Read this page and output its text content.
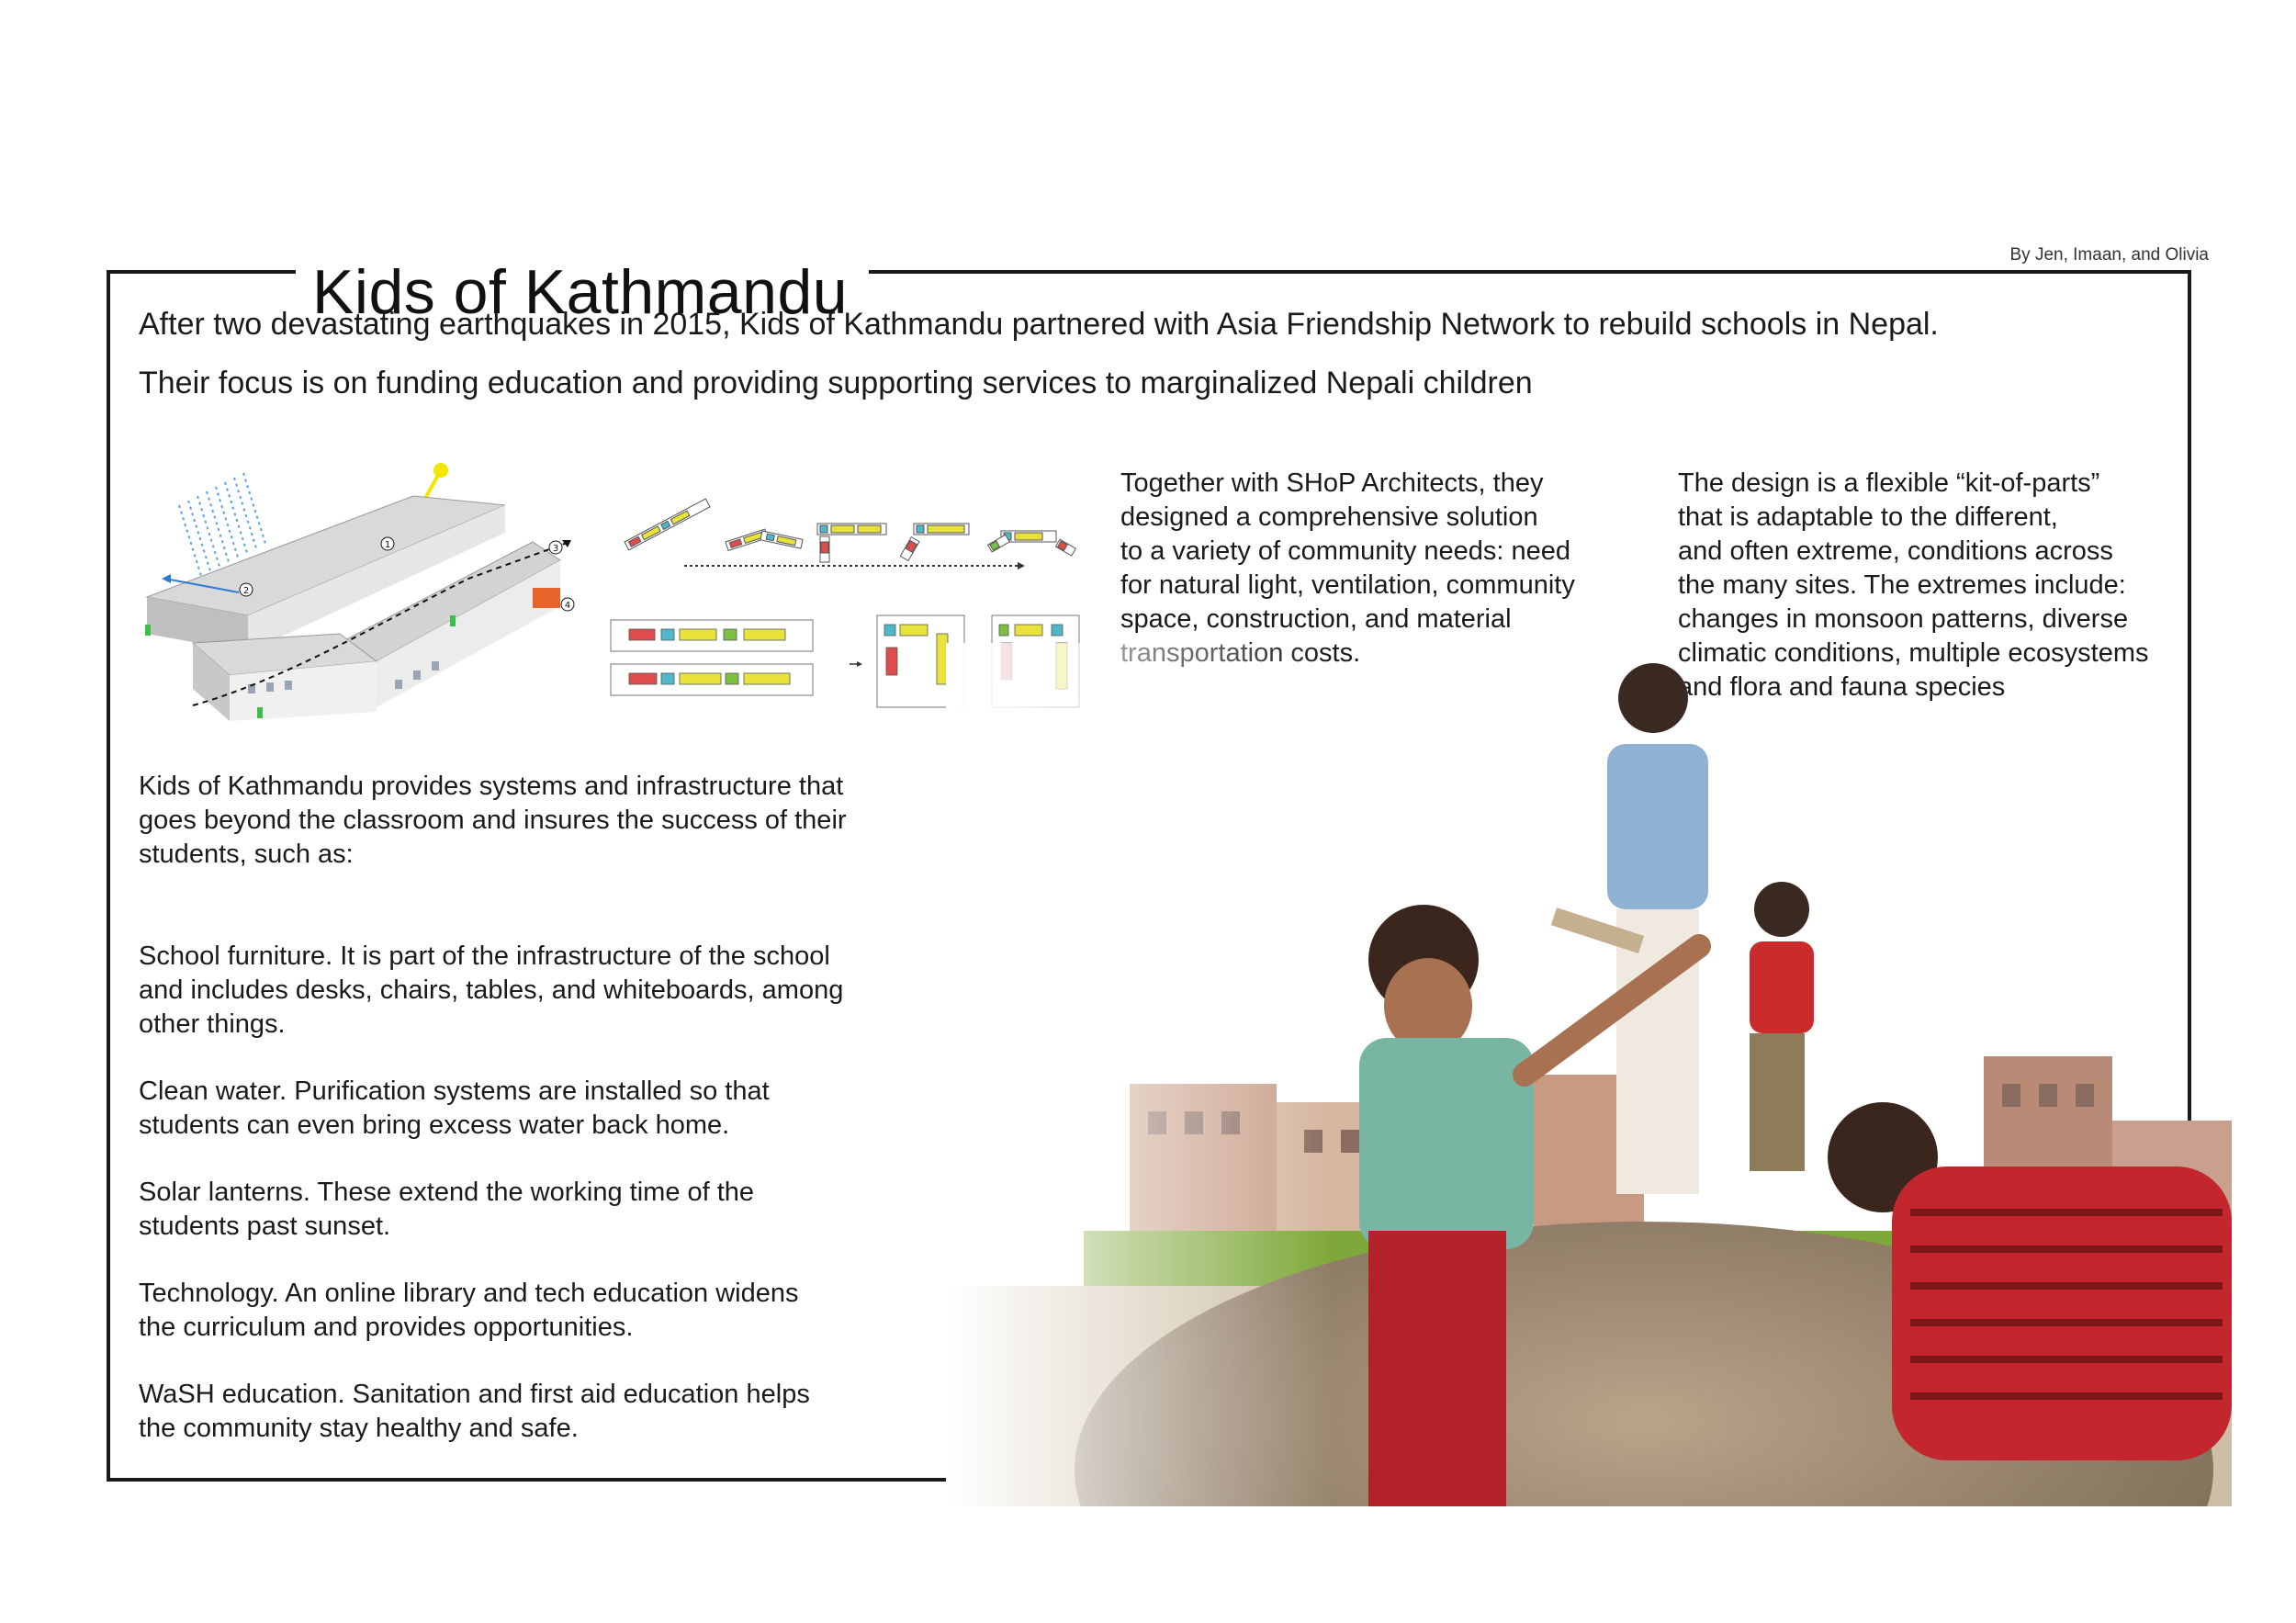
Kids of Kathmandu
By Jen, Imaan, and Olivia
After two devastating earthquakes in 2015, Kids of Kathmandu partnered with Asia Friendship Network to rebuild schools in Nepal.
Their focus is on funding education and providing supporting services to marginalized Nepali children
1
2
3
4

Together with SHoP Architects, they
designed a comprehensive solution
to a variety of community needs: need
for natural light, ventilation, community
space, construction, and material

The design is a flexible “kit-of-parts”
that is adaptable to the different,
and often extreme, conditions across
the many sites. The extremes include:
changes in monsoon patterns, diverse

Kids of Kathmandu provides systems and infrastructure that
goes beyond the classroom and insures the success of their
students, such as:

School furniture. It is part of the infrastructure of the school
and includes desks, chairs, tables, and whiteboards, among
other things.
Clean water. Purification systems are installed so that
students can even bring excess water back home.
Solar lanterns. These extend the working time of the
students past sunset.
Technology. An online library and tech education widens
the curriculum and provides opportunities.
WaSH education. Sanitation and first aid education helps
the community stay healthy and safe.
